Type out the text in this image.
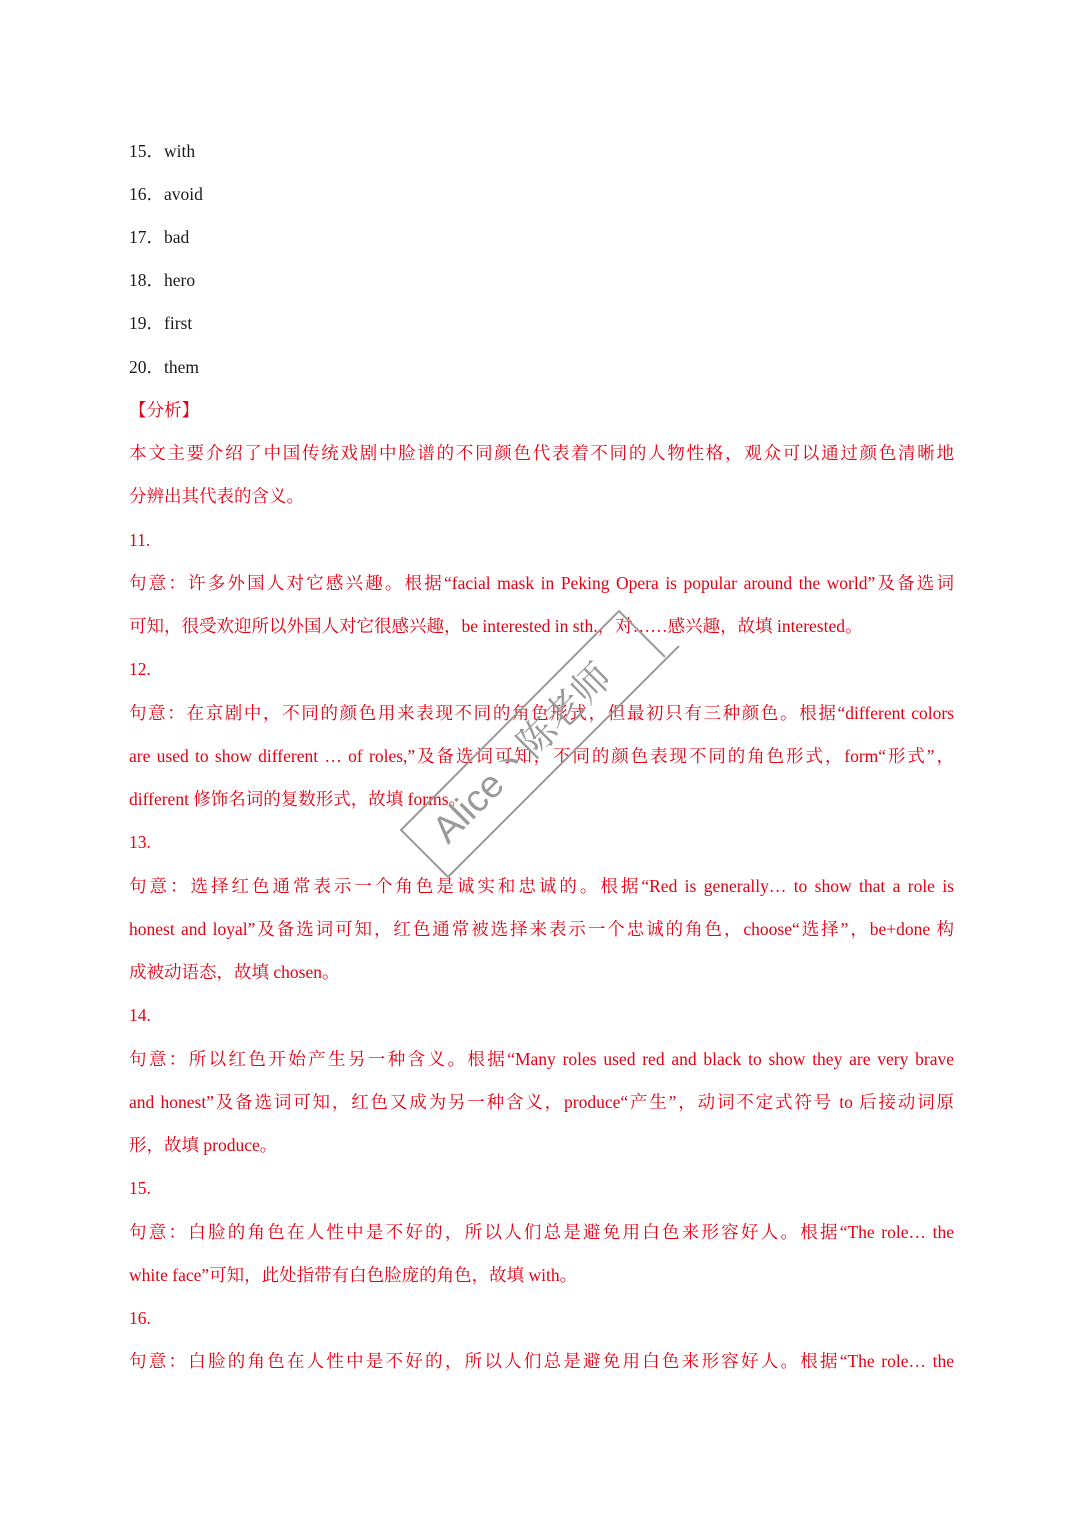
15．with
16．avoid
17．bad
18．hero
19．first
20．them
【分析】
本文主要介绍了中国传统戏剧中脸谱的不同颜色代表着不同的人物性格，观众可以通过颜色清晰地
分辨出其代表的含义。
11.
句意：许多外国人对它感兴趣。根据“facial mask in Peking Opera is popular around the world”及备选词
可知，很受欢迎所以外国人对它很感兴趣，be interested in sth.，对……感兴趣，故填 interested。
12.
句意：在京剧中，不同的颜色用来表现不同的角色形式，但最初只有三种颜色。根据“different colors
are used to show different … of roles,”及备选词可知，不同的颜色表现不同的角色形式，form“形式”，
different 修饰名词的复数形式，故填 forms。
13.
句意：选择红色通常表示一个角色是诚实和忠诚的。根据“Red is generally… to show that a role is
honest and loyal”及备选词可知，红色通常被选择来表示一个忠诚的角色，choose“选择”，be+done 构
成被动语态，故填 chosen。
14.
句意：所以红色开始产生另一种含义。根据“Many roles used red and black to show they are very brave
and honest”及备选词可知，红色又成为另一种含义，produce“产生”，动词不定式符号 to 后接动词原
形，故填 produce。
15.
句意：白脸的角色在人性中是不好的，所以人们总是避免用白色来形容好人。根据“The role… the
white face”可知，此处指带有白色脸庞的角色，故填 with。
16.
句意：白脸的角色在人性中是不好的，所以人们总是避免用白色来形容好人。根据“The role… the
Alice丶陈老师
